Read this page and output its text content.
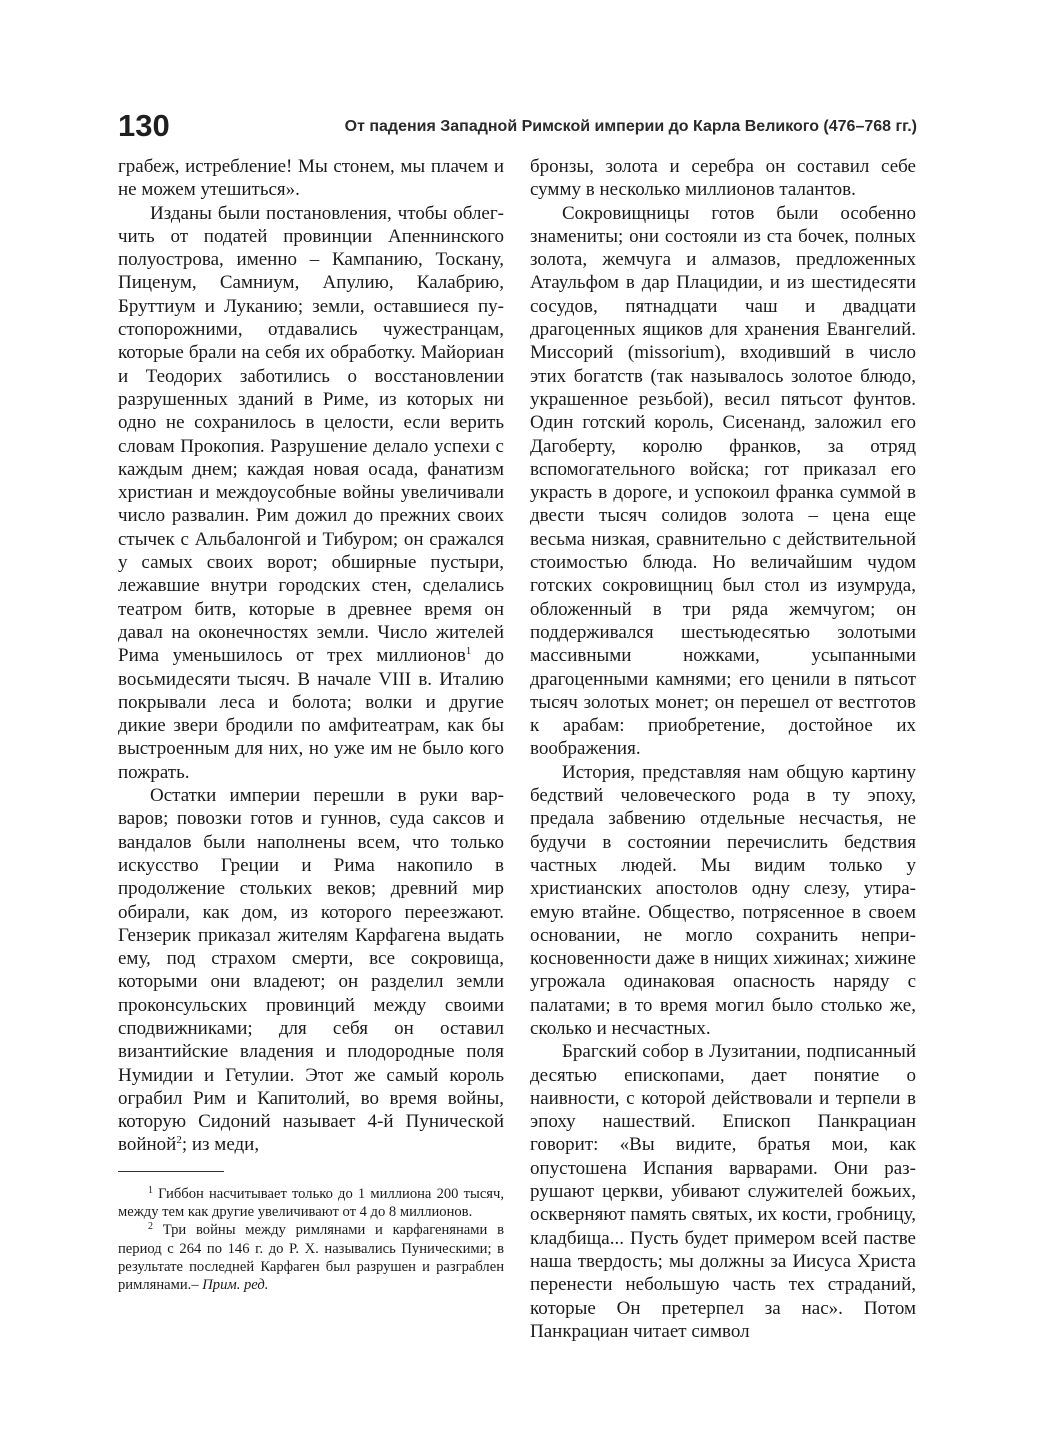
130	От падения Западной Римской империи до Карла Великого (476–768 гг.)

грабеж, истребление! Мы стонем, мы плачем и не можем утешиться».

Изданы были постановления, чтобы облегчить от податей провинции Апеннинского полуострова, именно – Кампанию, Тоскану, Пиценум, Самниум, Апулию, Калабрию, Бруттиум и Луканию; земли, оставшиеся пустопорожними, отдавались чужестранцам, которые брали на себя их обработку. Майориан и Теодорих заботились о восстановлении разрушенных зданий в Риме, из которых ни одно не сохранилось в целости, если верить словам Прокопия. Разрушение делало успехи с каждым днем; каждая новая осада, фанатизм христиан и междоусобные войны увеличивали число развалин. Рим дожил до прежних своих стычек с Альбалонгой и Тибуром; он сражался у самых своих ворот; обширные пустыри, лежавшие внутри городских стен, сделались театром битв, которые в древнее время он давал на оконечностях земли. Число жителей Рима уменьшилось от трех миллионов$^1$ до восьмидесяти тысяч. В начале VIII в. Италию покрывали леса и болота; волки и другие дикие звери бродили по амфитеатрам, как бы выстроенным для них, но уже им не было кого пожрать.

Остатки империи перешли в руки варваров; повозки готов и гуннов, суда саксов и вандалов были наполнены всем, что только искусство Греции и Рима накопило в продолжение стольких веков; древний мир обирали, как дом, из которого переезжают. Гензерик приказал жителям Карфагена выдать ему, под страхом смерти, все сокровища, которыми они владеют; он разделил земли проконсульских провинций между своими сподвижниками; для себя он оставил византийские владения и плодородные поля Нумидии и Гетулии. Этот же самый король ограбил Рим и Капитолий, во время войны, которую Сидоний называет 4-й Пунической войной$^2$; из меди,

$^1$ Гиббон насчитывает только до 1 миллиона 200 тысяч, между тем как другие увеличивают от 4 до 8 миллионов.

$^2$ Три войны между римлянами и карфагенянами в период с 264 по 146 г. до Р. Х. назывались Пуническими; в результате последней Карфаген был разрушен и разграблен римлянами.– Прим. ред.

бронзы, золота и серебра он составил себе сумму в несколько миллионов талантов.

Сокровищницы готов были особенно знамениты; они состояли из ста бочек, полных золота, жемчуга и алмазов, предложенных Атаульфом в дар Плацидии, и из шестидесяти сосудов, пятнадцати чаш и двадцати драгоценных ящиков для хранения Евангелий. Миссорий (missorium), входивший в число этих богатств (так называлось золотое блюдо, украшенное резьбой), весил пятьсот фунтов. Один готский король, Сисенанд, заложил его Дагоберту, королю франков, за отряд вспомогательного войска; гот приказал его украсть в дороге, и успокоил франка суммой в двести тысяч солидов золота – цена еще весьма низкая, сравнительно с действительной стоимостью блюда. Но величайшим чудом готских сокровищниц был стол из изумруда, обложенный в три ряда жемчугом; он поддерживался шестьюдесятью золотыми массивными ножками, усыпанными драгоценными камнями; его ценили в пятьсот тысяч золотых монет; он перешел от вестготов к арабам: приобретение, достойное их воображения.

История, представляя нам общую картину бедствий человеческого рода в ту эпоху, предала забвению отдельные несчастья, не будучи в состоянии перечислить бедствия частных людей. Мы видим только у христианских апостолов одну слезу, утираемую втайне. Общество, потрясенное в своем основании, не могло сохранить неприкосновенности даже в нищих хижинах; хижине угрожала одинаковая опасность наряду с палатами; в то время могил было столько же, сколько и несчастных.

Брагский собор в Лузитании, подписанный десятью епископами, дает понятие о наивности, с которой действовали и терпели в эпоху нашествий. Епископ Панкрациан говорит: «Вы видите, братья мои, как опустошена Испания варварами. Они разрушают церкви, убивают служителей божьих, оскверняют память святых, их кости, гробницу, кладбища... Пусть будет примером всей пастве наша твердость; мы должны за Иисуса Христа перенести небольшую часть тех страданий, которые Он претерпел за нас». Потом Панкрациан читает символ
